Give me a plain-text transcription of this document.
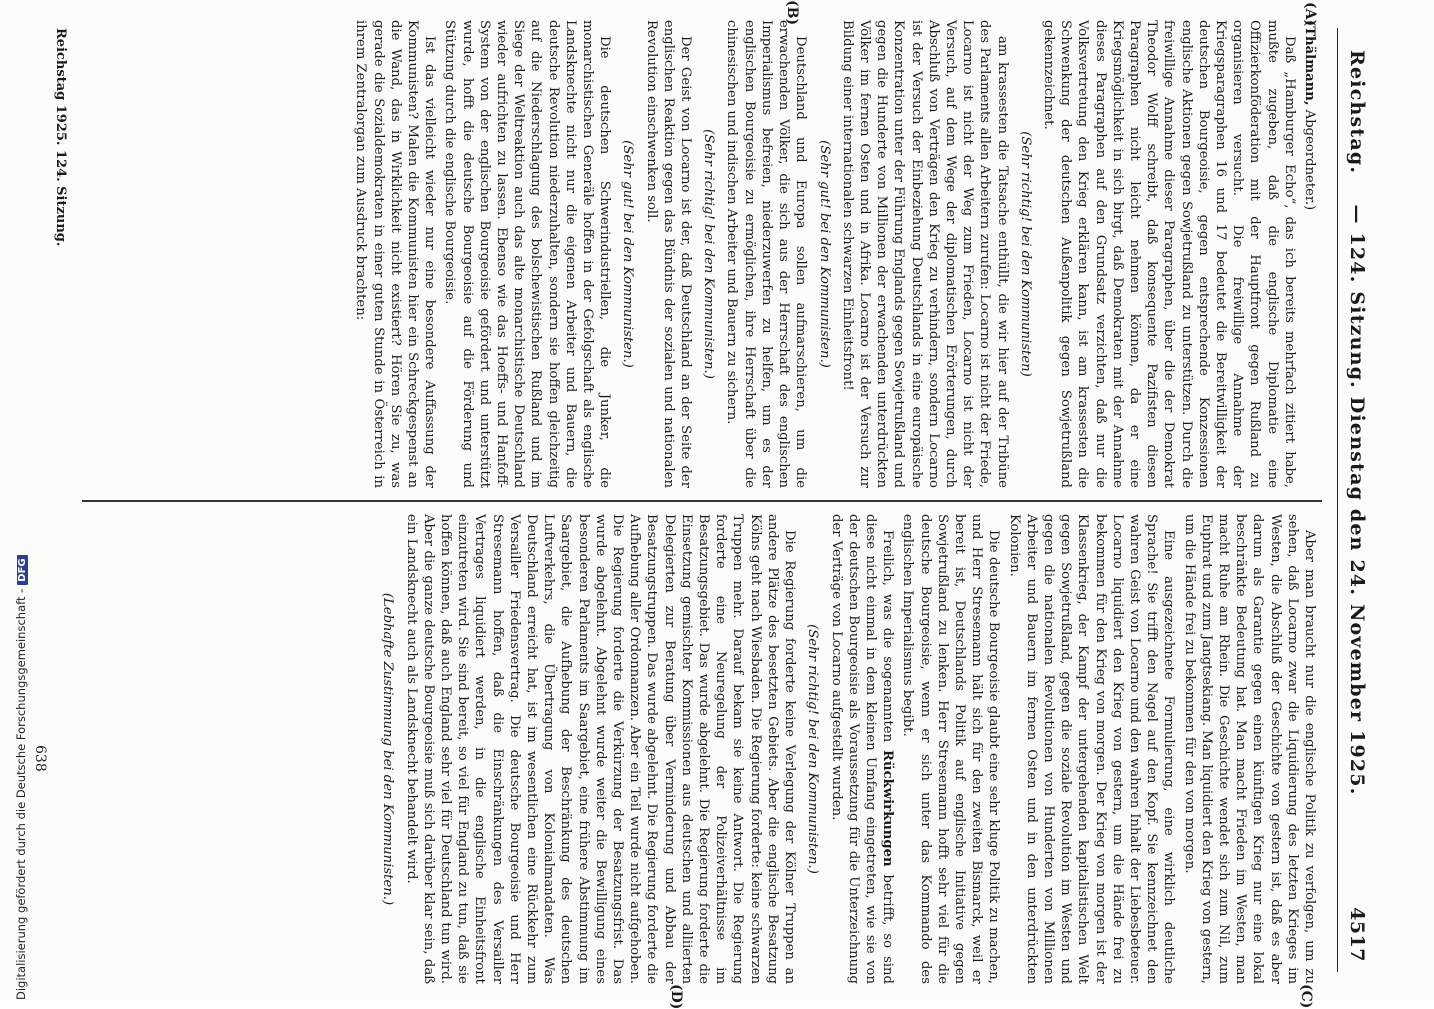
Digitalisierung gefördert durch die Deutsche Forschungsgemeinschaft -DFG
Reichstag.
— 124. Sitzung. Dienstag den 24. November 1925.
4517
(A)
(B)
(C)
(D)

(Thälmann, Abgeordneter.)

Daß „Hamburger Echo“, das ich bereits mehrfach zitiert habe, mußte zugeben, daß die englische Diplomatie eine Offizierkonföderation mit der Hauptfront gegen Rußland zu organisieren versucht. Die freiwillige Annahme der Kriegsparagraphen 16 und 17 bedeutet die Bereitwilligkeit der deutschen Bourgeoisie, gegen entsprechende Konzessionen englische Aktionen gegen Sowjetrußland zu unterstützen. Durch die freiwillige Annahme dieser Paragraphen, über die der Demokrat Theodor Wolff schreibt, daß konsequente Pazifisten diesen Paragraphen nicht leicht nehmen können, da er eine Kriegsmöglichkeit in sich birgt, daß Demokraten mit der Annahme dieses Paragraphen auf den Grundsatz verzichten, daß nur die Volksvertretung den Krieg erklären kann, ist am krassesten die Schwenkung der deutschen Außenpolitik gegen Sowjetrußland gekennzeichnet.

(Sehr richtig! bei den Kommunisten)

am krassesten die Tatsache enthüllt, die wir hier auf der Tribüne des Parlaments allen Arbeitern zurufen: Locarno ist nicht der Friede, Locarno ist nicht der Weg zum Frieden, Locarno ist nicht der Versuch, auf dem Wege der diplomatischen Erörterungen, durch Abschluß von Verträgen den Krieg zu verhindern, sondern Locarno ist der Versuch der Einbeziehung Deutschlands in eine europäische Konzentration unter der Führung Englands gegen Sowjetrußland und gegen die Hunderte von Millionen der erwachenden unterdrückten Völker im fernen Osten und in Afrika. Locarno ist der Versuch zur Bildung einer internationalen schwarzen Einheitsfront!

(Sehr gut! bei den Kommunisten.)

Deutschland und Europa sollen aufmarschieren, um die erwachenden Völker, die sich aus der Herrschaft des englischen Imperialismus befreien, niederzuwerfen zu helfen, um es der englischen Bourgeoisie zu ermöglichen, ihre Herrschaft über die chinesischen und indischen Arbeiter und Bauern zu sichern.

(Sehr richtig! bei den Kommunisten.)

Der Geist von Locarno ist der, daß Deutschland an der Seite der englischen Reaktion gegen das Bündnis der sozialen und nationalen Revolution einschwenken soll.

(Sehr gut! bei den Kommunisten.)

Die deutschen Schwerindustriellen, die Junker, die monarchistischen Generäle hoffen in der Gefolgschaft als englische Landsknechte nicht nur die eigenen Arbeiter und Bauern, die deutsche Revolution niederzuhalten, sondern sie hoffen gleichzeitig auf die Niederschlagung des bolschewistischen Rußland und im Siege der Weltreaktion auch das alte monarchistische Deutschland wieder aufrichten zu lassen. Ebenso wie das Hoeffs- und Hanfoff-System von der englischen Bourgeoisie gefördert und unterstützt wurde, hofft die deutsche Bourgeoisie auf die Förderung und Stützung durch die englische Bourgeoisie.

Ist das vielleicht wieder nur eine besondere Auffassung der Kommunisten? Malen die Kommunisten hier ein Schreckgespenst an die Wand, das in Wirklichkeit nicht existiert? Hören Sie zu, was gerade die Sozialdemokraten in einer guten Stunde in Österreich in ihrem Zentralorgan zum Ausdruck brachten:

Aber man braucht nur die englische Politik zu verfolgen, um zu sehen, daß Locarno zwar die Liquidierung des letzten Krieges im Westen, die Abschluß der Geschichte von gestern ist, daß es aber darum als Garantie gegen einen künftigen Krieg nur eine lokal beschränkte Bedeutung hat. Man macht Frieden im Westen, man macht Ruhe am Rhein. Die Geschichte wendet sich zum Nil, zum Euphrat und zum Jangtsekiang. Man liquidiert den Krieg von gestern, um die Hände frei zu bekommen für den von morgen.

Eine ausgezeichnete Formulierung, eine wirklich deutliche Sprache! Sie trifft den Nagel auf den Kopf. Sie kennzeichnet den wahren Geist von Locarno und den wahren Inhalt der Liebesbeteuer. Locarno liquidiert den Krieg von gestern, um die Hände frei zu bekommen für den Krieg von morgen. Der Krieg von morgen ist der Klassenkrieg, der Kampf der untergehenden kapitalistischen Welt gegen Sowjetrußland, gegen die soziale Revolution im Westen und gegen die nationalen Revolutionen von Hunderten von Millionen Arbeiter und Bauern im fernen Osten und in den unterdrückten Kolonien.

Die deutsche Bourgeoisie glaubt eine sehr kluge Politik zu machen, und Herr Stresemann hält sich für den zweiten Bismarck, weil er bereit ist, Deutschlands Politik auf englische Initiative gegen Sowjetrußland zu lenken. Herr Stresemann hofft sehr viel für die deutsche Bourgeoisie, wenn er sich unter das Kommando des englischen Imperialismus begibt.

Freilich, was die sogenannten Rückwirkungen betrifft, so sind diese nicht einmal in dem kleinen Umfang eingetreten, wie sie von der deutschen Bourgeoisie als Voraussetzung für die Unterzeichnung der Verträge von Locarno aufgestellt wurden.

(Sehr richtig! bei den Kommunisten.)

Die Regierung forderte keine Verlegung der Kölner Truppen an andere Plätze des besetzten Gebiets. Aber die englische Besatzung Kölns geht nach Wiesbaden. Die Regierung forderte: keine schwarzen Truppen mehr. Darauf bekam sie keine Antwort. Die Regierung forderte eine Neuregelung der Polizeiverhältnisse im Besatzungsgebiet. Das wurde abgelehnt. Die Regierung forderte die Einsetzung gemischter Kommissionen aus deutschen und alliierten Delegierten zur Beratung über Verminderung und Abbau der Besatzungstruppen. Das wurde abgelehnt. Die Regierung forderte die Aufhebung aller Ordonnanzen. Aber ein Teil wurde nicht aufgehoben. Die Regierung forderte die Verkürzung der Besatzungsfrist. Das wurde abgelehnt. Abgelehnt wurde weiter die Bewilligung eines besonderen Parlaments im Saargebiet, eine frühere Abstimmung im Saargebiet, die Aufhebung der Beschränkung des deutschen Luftverkehrs, die Übertragung von Kolonialmandaten. Was Deutschland erreicht hat, ist im wesentlichen eine Rückkehr zum Versailler Friedensvertrag. Die deutsche Bourgeoisie und Herr Stresemann hoffen, daß die Einschränkungen des Versailler Vertrages liquidiert werden, in die englische Einheitsfront einzutreten wird. Sie sind bereit, so viel für England zu tun, daß sie hoffen können, daß auch England sehr viel für Deutschland tun wird. Aber die ganze deutsche Bourgeoisie muß sich darüber klar sein, daß ein Landsknecht auch als Landsknecht behandelt wird.

(Lebhafte Zustimmung bei den Kommunisten.)

Reichstag 1925. 124. Sitzung.
638
